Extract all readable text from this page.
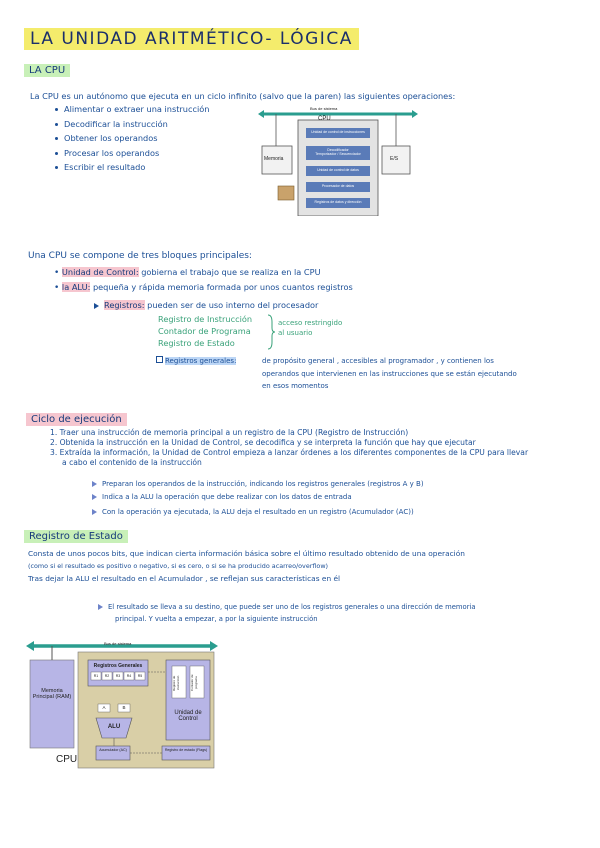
LA UNIDAD ARITMÉTICO- LÓGICA
LA CPU
La CPU es un autónomo que ejecuta en un ciclo infinito (salvo que la paren) las siguientes operaciones:
Alimentar o extraer una instrucción
Decodificar la instrucción
Obtener los operandos
Procesar los operandos
Escribir el resultado
CPU
Bus de sistema
Memoria	E/S
Unidad de control de instrucciones
Decodificador
Temporizador / Secuenciador
Unidad de control de datos
Procesador de datos
Registros de datos y dirección
Una CPU se compone de tres bloques principales:
• Unidad de Control: gobierna el trabajo que se realiza en la CPU
• la ALU: pequeña y rápida memoria formada por unos cuantos registros
Registros: pueden ser de uso interno del procesador
Registro de Instrucción
Contador de Programa
Registro de Estado
acceso restringido al usuario
Registros generales:	de propósito general , accesibles al programador , y contienen los
operandos que intervienen en las instrucciones que se están ejecutando
en esos momentos
Ciclo de ejecución
1. Traer una instrucción de memoria principal a un registro de la CPU (Registro de Instrucción)
2. Obtenida la instrucción en la Unidad de Control, se decodifica y se interpreta la función que hay que ejecutar
3. Extraída la información, la Unidad de Control empieza a lanzar órdenes a los diferentes componentes de la CPU para llevar
a cabo el contenido de la instrucción
Preparan los operandos de la instrucción, indicando los registros generales (registros A y B)
Indica a la ALU la operación que debe realizar con los datos de entrada
Con la operación ya ejecutada, la ALU deja el resultado en un registro (Acumulador (AC))
Registro de Estado
Consta de unos pocos bits, que indican cierta información básica sobre el último resultado obtenido de una operación
(como si el resultado es positivo o negativo, si es cero, o si se ha producido acarreo/overflow)
Tras dejar la ALU el resultado en el Acumulador , se reflejan sus características en él
El resultado se lleva a su destino, que puede ser uno de los registros generales o una dirección de memoria
principal. Y vuelta a empezar, a por la siguiente instrucción
Bus de sistema
Memoria Principal (RAM)
Registros Generales
R1	R2	R3	R4	R5
A	B
ALU
Acumulador (AC)	Registro de estado (Flags)
Registro de instrucción	Contador de programa
Unidad de Control
CPU
